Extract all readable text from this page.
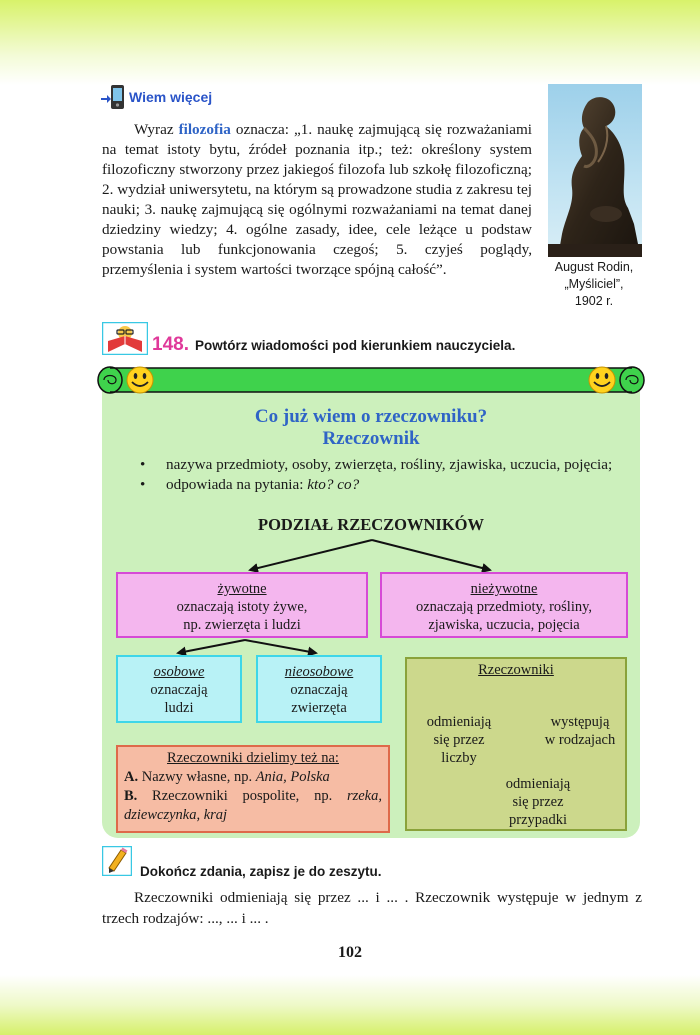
Wiem więcej

Wyraz filozofia oznacza: „1. naukę zajmującą się rozważaniami na temat istoty bytu, źródeł poznania itp.; też: określony system filozoficzny stworzony przez jakiegoś filozofa lub szkołę filozoficzną; 2. wydział uniwersytetu, na którym są prowadzone studia z zakresu tej nauki; 3. naukę zajmującą się ogólnymi rozważaniami na temat danej dziedziny wiedzy; 4. ogólne zasady, idee, cele leżące u podstaw powstania lub funkcjonowania czegoś; 5. czyjeś poglądy, przemyślenia i system wartości tworzące spójną całość”.	August Rodin,
„Myśliciel”,
1902 r.
148. Powtórz wiadomości pod kierunkiem nauczyciela.
Co już wiem o rzeczowniku?
Rzeczownik
• nazywa przedmioty, osoby, zwierzęta, rośliny, zjawiska, uczucia, pojęcia;
• odpowiada na pytania: kto? co?
PODZIAŁ RZECZOWNIKÓW
żywotne
oznaczają istoty żywe,
np. zwierzęta i ludzi
nieżywotne
oznaczają przedmioty, rośliny,
zjawiska, uczucia, pojęcia
osobowe
oznaczają
ludzi
nieosobowe
oznaczają
zwierzęta
Rzeczowniki
odmieniają
się przez
liczby
występują
w rodzajach
odmieniają
się przez
przypadki
Rzeczowniki dzielimy też na:
A. Nazwy własne, np. Ania, Polska
B. Rzeczowniki pospolite, np. rzeka, dziewczynka, kraj
Dokończ zdania, zapisz je do zeszytu.

Rzeczowniki odmieniają się przez ... i ... . Rzeczownik występuje w jednym z trzech rodzajów: ..., ... i ... .

102
